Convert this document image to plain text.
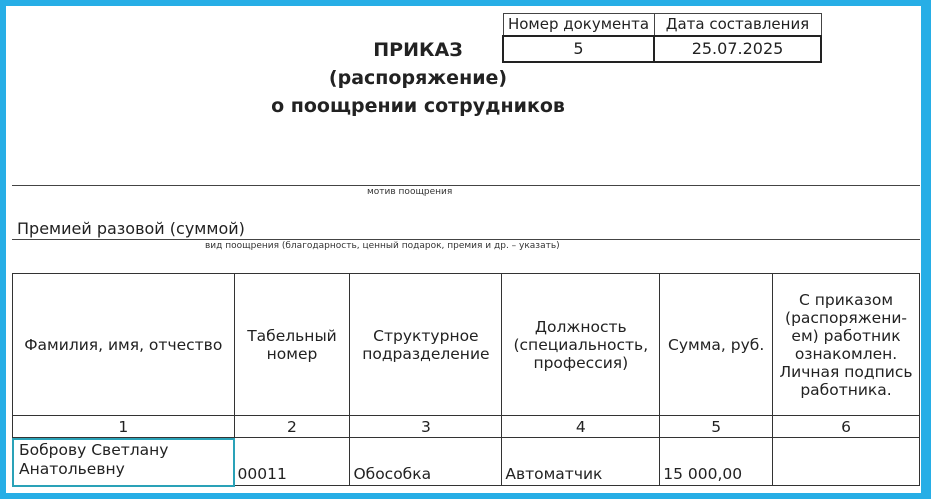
Номер документа	Дата составления
5	25.07.2025
ПРИКАЗ
(распоряжение)
о поощрении сотрудников
мотив поощрения
Премией разовой (суммой)
вид поощрения (благодарность, ценный подарок, премия и др. – указать)
Фамилия, имя, отчество	Табельный номер	Структурное подразделение	Должность (специальность, профессия)	Сумма, руб.	С приказом (распоряжени-ем) работник ознакомлен. Личная подпись работника.
1	2	3	4	5	6
Боброву Светлану Анатольевну	00011	Обособка	Автоматчик	15 000,00	
